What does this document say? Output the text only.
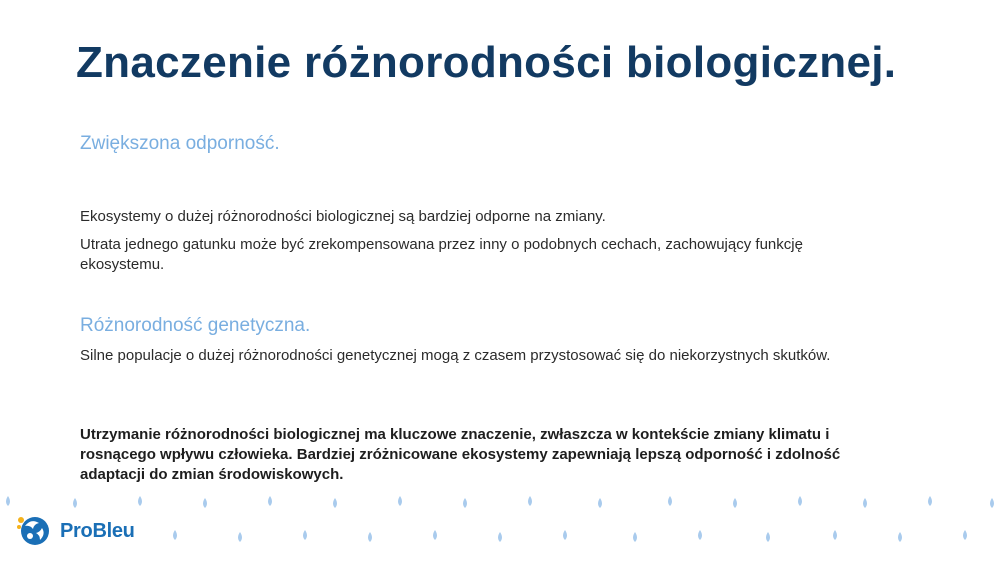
Znaczenie różnorodności biologicznej.
Zwiększona odporność.
Ekosystemy o dużej różnorodności biologicznej są bardziej odporne na zmiany.
Utrata jednego gatunku może być zrekompensowana przez inny o podobnych cechach, zachowujący funkcję ekosystemu.
Różnorodność genetyczna.
Silne populacje o dużej różnorodności genetycznej mogą z czasem przystosować się do niekorzystnych skutków.
Utrzymanie różnorodności biologicznej ma kluczowe znaczenie, zwłaszcza w kontekście zmiany klimatu i rosnącego wpływu człowieka. Bardziej zróżnicowane ekosystemy zapewniają lepszą odporność i zdolność adaptacji do zmian środowiskowych.
ProBleu
